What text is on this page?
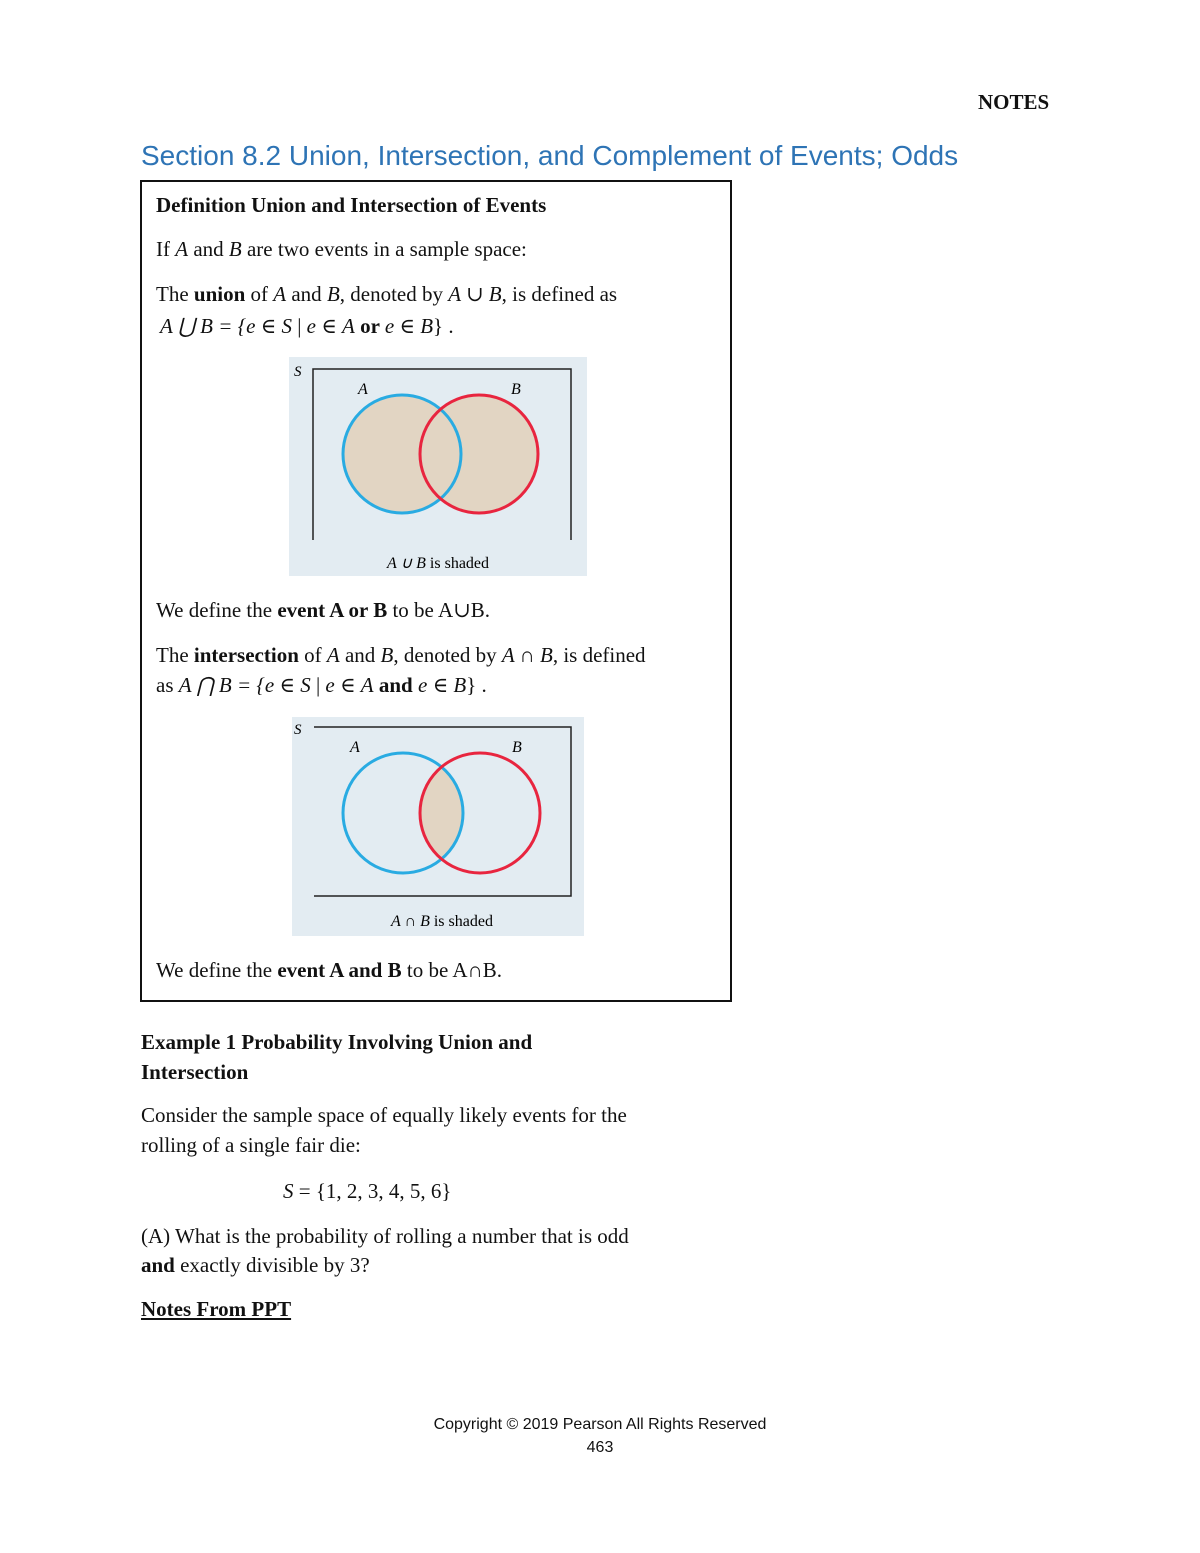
NOTES
Section 8.2 Union, Intersection, and Complement of Events; Odds
Definition Union and Intersection of Events
If A and B are two events in a sample space:
The union of A and B, denoted by A ∪ B, is defined as
A ⋃ B = {e ∈ S | e ∈ A or e ∈ B} .
S
A	B
A ∪ B is shaded
We define the event A or B to be A∪B.
The intersection of A and B, denoted by A ∩ B, is defined
as A ⋂ B = {e ∈ S | e ∈ A and e ∈ B} .
S
A	B
A ∩ B is shaded
We define the event A and B to be A∩B.
Example 1 Probability Involving Union and
Intersection
Consider the sample space of equally likely events for the
rolling of a single fair die:
S = {1, 2, 3, 4, 5, 6}
(A) What is the probability of rolling a number that is odd
and exactly divisible by 3?
Notes From PPT
Copyright © 2019 Pearson All Rights Reserved
463
